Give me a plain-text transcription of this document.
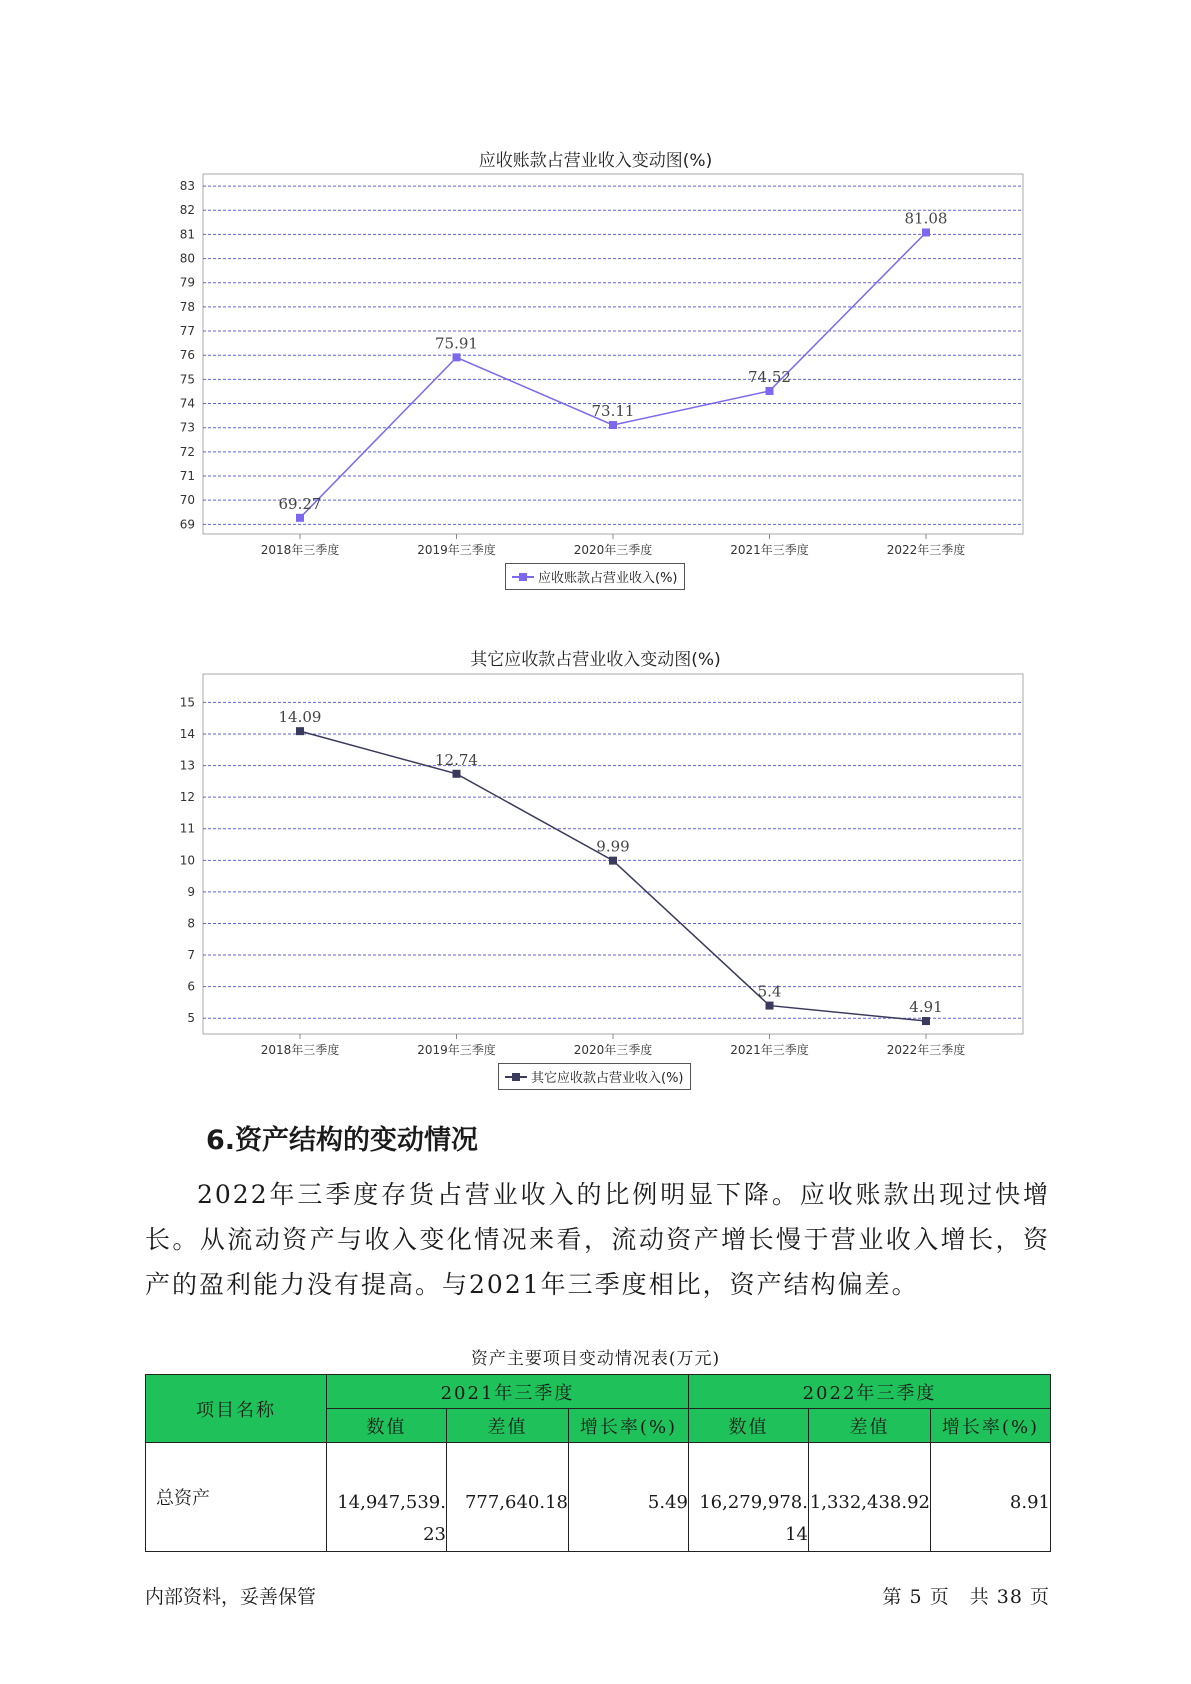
应收账款占营业收入变动图(%)
69
70
71
72
73
74
75
76
77
78
79
80
81
82
83
2018年三季度	2019年三季度	2020年三季度	2021年三季度	2022年三季度
69.27
75.91
73.11
74.52
81.08
应收账款占营业收入(%)
其它应收款占营业收入变动图(%)
5
6
7
8
9
10
11
12
13
14
15
2018年三季度	2019年三季度	2020年三季度	2021年三季度	2022年三季度
14.09
12.74
9.99
5.4
4.91
其它应收款占营业收入(%)
6.资产结构的变动情况
2022年三季度存货占营业收入的比例明显下降。应收账款出现过快增长。从流动资产与收入变化情况来看，流动资产增长慢于营业收入增长，资产的盈利能力没有提高。与2021年三季度相比，资产结构偏差。
资产主要项目变动情况表(万元)
项目名称	2021年三季度			2022年三季度		
	数值	差值	增长率(%)	数值	差值	增长率(%)
总资产	14,947,539.23	777,640.18	5.49	16,279,978.14	1,332,438.92	8.91
内部资料，妥善保管	第 5 页　共 38 页
